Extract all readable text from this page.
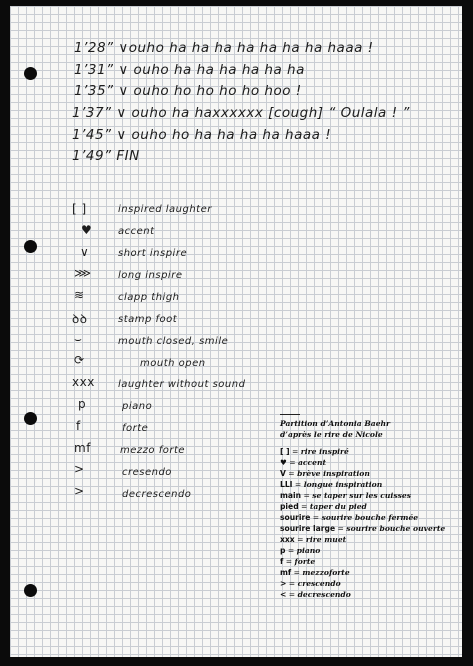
1’28” ∨ouho ha ha ha ha ha ha ha haaa !
1’31” ∨ ouho ha ha ha ha ha ha
1’35” ∨ ouho ho ho ho ho hoo !
1’37” ∨ ouho ha haxxxxxx [cough] “ Oulala ! ”
1’45” ∨ ouho ho ha ha ha ha haaa !
1’49” FIN
[ ]	inspired laughter
♥	accent
∨	short inspire
⋙	long inspire
≋	clapp thigh
ꝺꝺ	stamp foot
⌣	mouth closed, smile
⟳	mouth open
xxx laughter without sound
p	piano
f	forte
mf	mezzo forte
>	cresendo
>	decrescendo
Partition d’Antonia Baehr
d’après le rire de Nicole
[ ] = rire inspiré
♥ = accent
V = brève inspiration
LLI = longue inspiration
main = se taper sur les cuisses
pied = taper du pied
sourire = sourire bouche fermée
sourire large = sourire bouche ouverte
xxx = rire muet
p = piano
f = forte
mf = mezzoforte
> = crescendo
< = decrescendo
